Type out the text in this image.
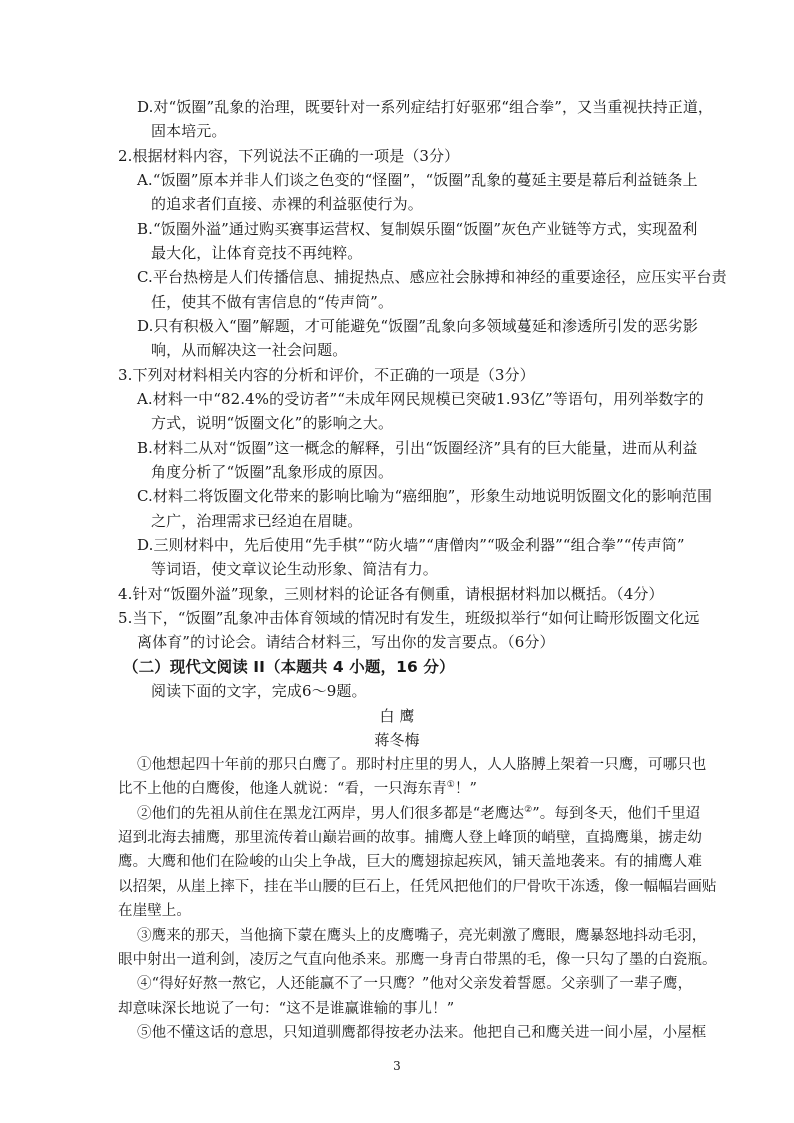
D.对“饭圈”乱象的治理，既要针对一系列症结打好驱邪“组合拳”，又当重视扶持正道，
固本培元。
2.根据材料内容，下列说法不正确的一项是（3分）
A.“饭圈”原本并非人们谈之色变的“怪圈”，“饭圈”乱象的蔓延主要是幕后利益链条上
的追求者们直接、赤裸的利益驱使行为。
B.“饭圈外溢”通过购买赛事运营权、复制娱乐圈“饭圈”灰色产业链等方式，实现盈利
最大化，让体育竞技不再纯粹。
C.平台热榜是人们传播信息、捕捉热点、感应社会脉搏和神经的重要途径，应压实平台责
任，使其不做有害信息的“传声筒”。
D.只有积极入“圈”解题，才可能避免“饭圈”乱象向多领域蔓延和渗透所引发的恶劣影
响，从而解决这一社会问题。
3.下列对材料相关内容的分析和评价，不正确的一项是（3分）
A.材料一中“82.4%的受访者”“未成年网民规模已突破1.93亿”等语句，用列举数字的
方式，说明“饭圈文化”的影响之大。
B.材料二从对“饭圈”这一概念的解释，引出“饭圈经济”具有的巨大能量，进而从利益
角度分析了“饭圈”乱象形成的原因。
C.材料二将饭圈文化带来的影响比喻为“癌细胞”，形象生动地说明饭圈文化的影响范围
之广，治理需求已经迫在眉睫。
D.三则材料中，先后使用“先手棋”“防火墙”“唐僧肉”“吸金利器”“组合拳”“传声筒”
等词语，使文章议论生动形象、简洁有力。
4.针对“饭圈外溢”现象，三则材料的论证各有侧重，请根据材料加以概括。（4分）
5.当下，“饭圈”乱象冲击体育领域的情况时有发生，班级拟举行“如何让畸形饭圈文化远
离体育”的讨论会。请结合材料三，写出你的发言要点。（6分）
（二）现代文阅读 II（本题共 4 小题，16 分）
阅读下面的文字，完成6～9题。
白 鹰
蒋冬梅
①他想起四十年前的那只白鹰了。那时村庄里的男人，人人胳膊上架着一只鹰，可哪只也
比不上他的白鹰俊，他逢人就说：“看，一只海东青①！”
②他们的先祖从前住在黑龙江两岸，男人们很多都是“老鹰达②”。每到冬天，他们千里迢
迢到北海去捕鹰，那里流传着山巅岩画的故事。捕鹰人登上峰顶的峭壁，直捣鹰巢，掳走幼
鹰。大鹰和他们在险峻的山尖上争战，巨大的鹰翅掠起疾风，铺天盖地袭来。有的捕鹰人难
以招架，从崖上摔下，挂在半山腰的巨石上，任凭风把他们的尸骨吹干冻透，像一幅幅岩画贴
在崖壁上。
③鹰来的那天，当他摘下蒙在鹰头上的皮鹰嘴子，亮光刺激了鹰眼，鹰暴怒地抖动毛羽，
眼中射出一道利剑，凌厉之气直向他杀来。那鹰一身青白带黑的毛，像一只勾了墨的白瓷瓶。
④“得好好熬一熬它，人还能赢不了一只鹰？”他对父亲发着誓愿。父亲驯了一辈子鹰，
却意味深长地说了一句：“这不是谁赢谁输的事儿！”
⑤他不懂这话的意思，只知道驯鹰都得按老办法来。他把自己和鹰关进一间小屋，小屋框
3
